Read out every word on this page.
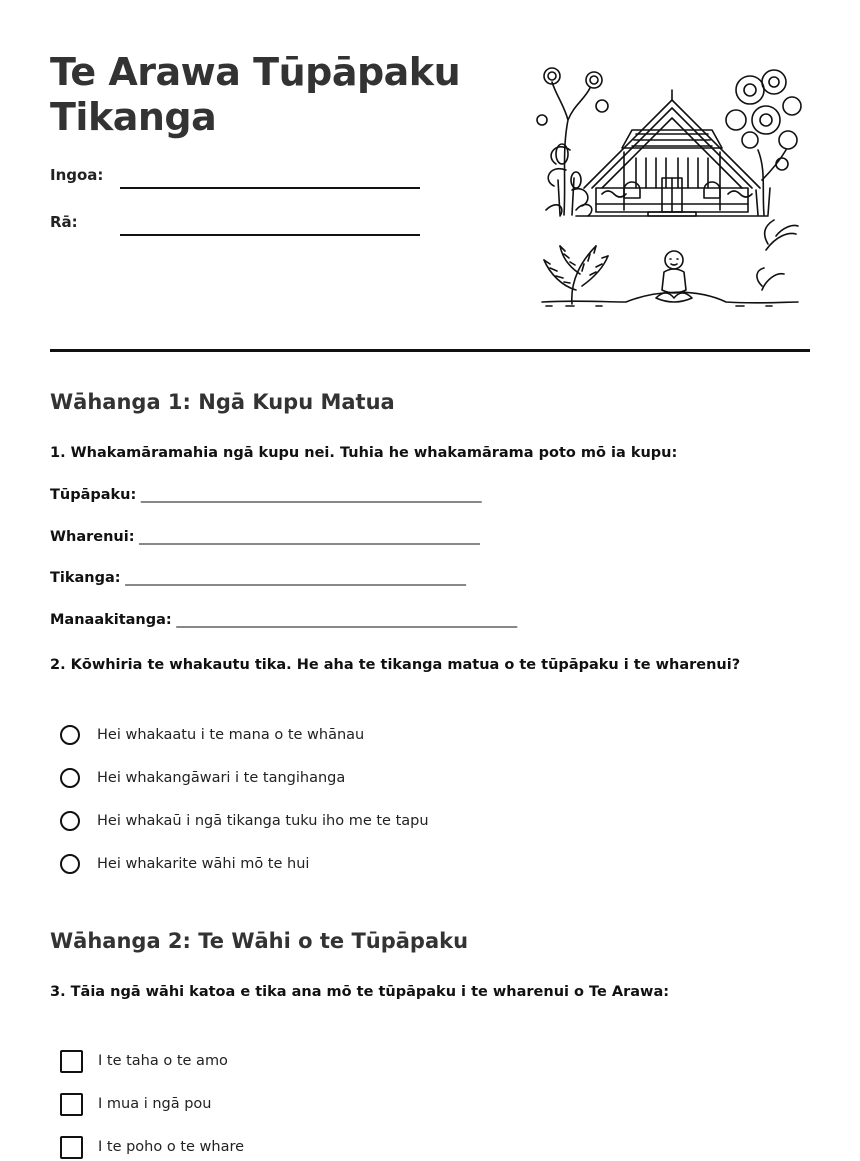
Te Arawa Tūpāpaku
Tikanga
Ingoa:
Rā:
Wāhanga 1: Ngā Kupu Matua
1. Whakamāramahia ngā kupu nei. Tuhia he whakamārama poto mō ia kupu:
Tūpāpaku: _______________________________________________
Wharenui: _______________________________________________
Tikanga: _______________________________________________
Manaakitanga: _______________________________________________
2. Kōwhiria te whakautu tika. He aha te tikanga matua o te tūpāpaku i te wharenui?
Hei whakaatu i te mana o te whānau
Hei whakangāwari i te tangihanga
Hei whakaū i ngā tikanga tuku iho me te tapu
Hei whakarite wāhi mō te hui
Wāhanga 2: Te Wāhi o te Tūpāpaku
3. Tāia ngā wāhi katoa e tika ana mō te tūpāpaku i te wharenui o Te Arawa:
I te taha o te amo
I mua i ngā pou
I te poho o te whare
